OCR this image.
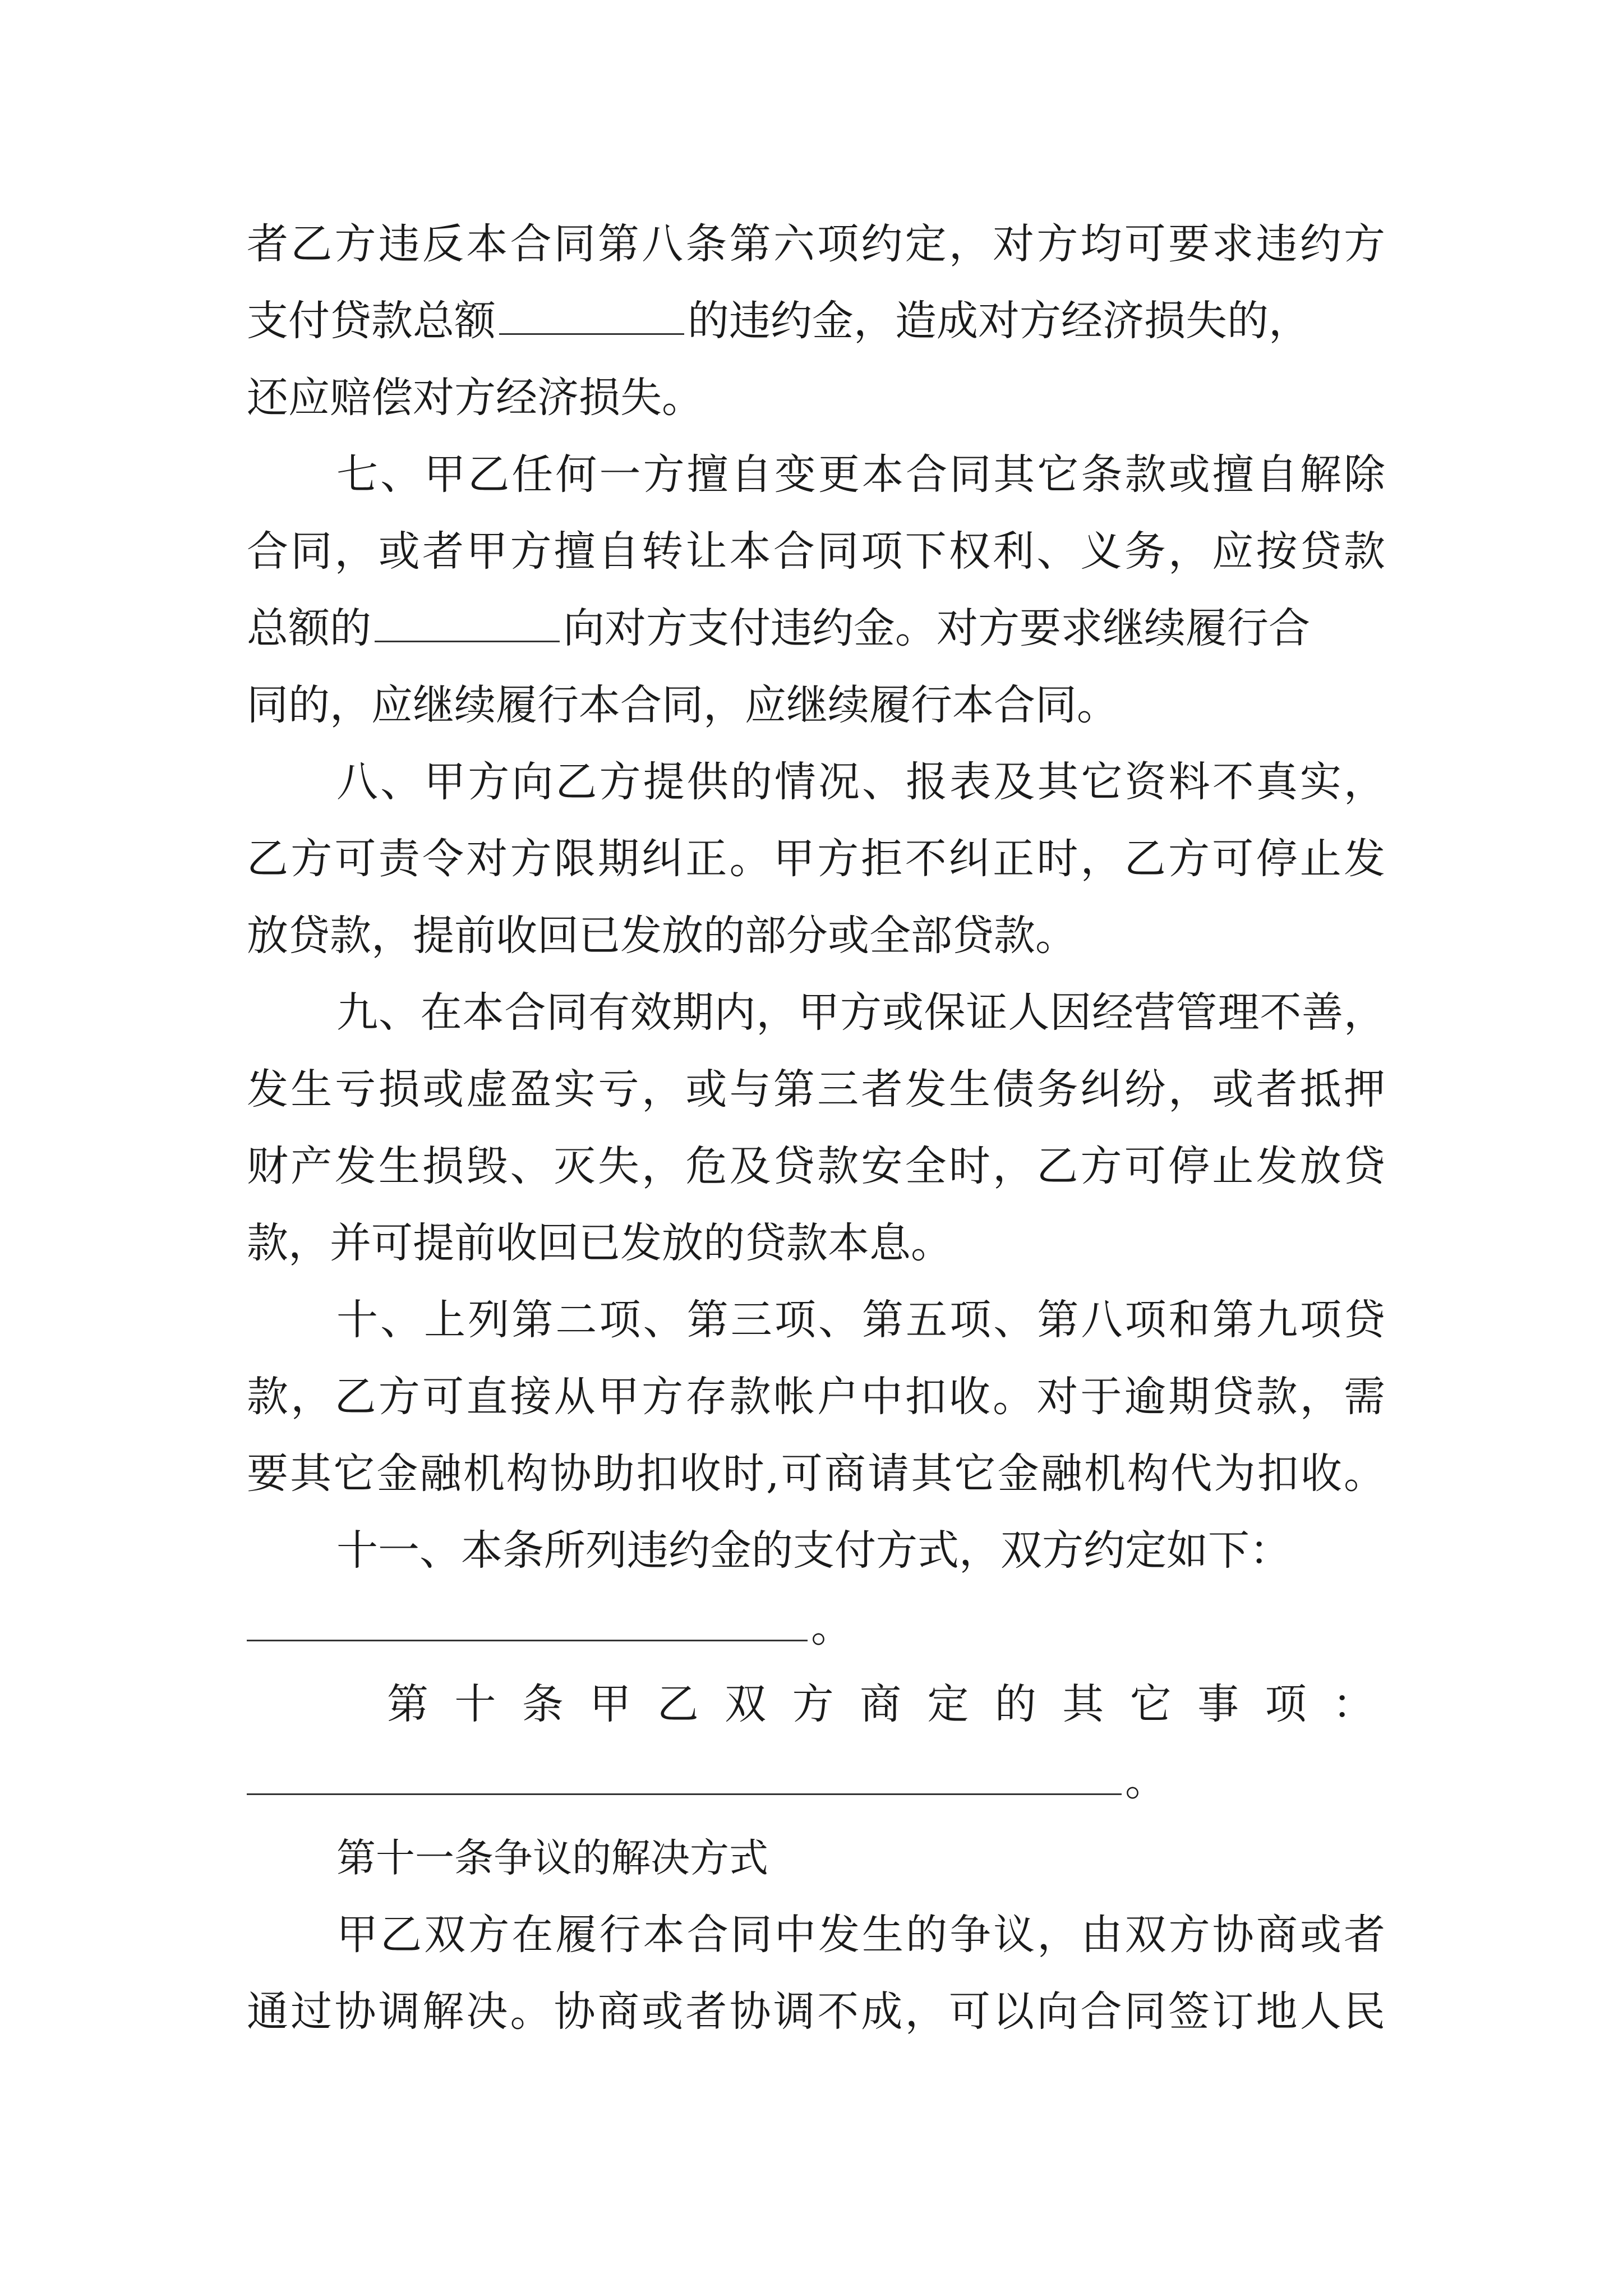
者乙方违反本合同第八条第六项约定，对方均可要求违约方
支付贷款总额	的违约金，造成对方经济损失的，
还应赔偿对方经济损失。
七、甲乙任何一方擅自变更本合同其它条款或擅自解除
合同，或者甲方擅自转让本合同项下权利、义务，应按贷款
总额的	向对方支付违约金。对方要求继续履行合
同的，应继续履行本合同，应继续履行本合同。
八、甲方向乙方提供的情况、报表及其它资料不真实，
乙方可责令对方限期纠正。甲方拒不纠正时，乙方可停止发
放贷款，提前收回已发放的部分或全部贷款。
九、在本合同有效期内，甲方或保证人因经营管理不善，
发生亏损或虚盈实亏，或与第三者发生债务纠纷，或者抵押
财产发生损毁、灭失，危及贷款安全时，乙方可停止发放贷
款，并可提前收回已发放的贷款本息。
十、上列第二项、第三项、第五项、第八项和第九项贷
款，乙方可直接从甲方存款帐户中扣收。对于逾期贷款，需
要其它金融机构协助扣收时,可商请其它金融机构代为扣收。
十一、本条所列违约金的支付方式，双方约定如下：
。
第十条甲乙双方商定的其它事项：
。
第十一条争议的解决方式
甲乙双方在履行本合同中发生的争议，由双方协商或者
通过协调解决。协商或者协调不成，可以向合同签订地人民
